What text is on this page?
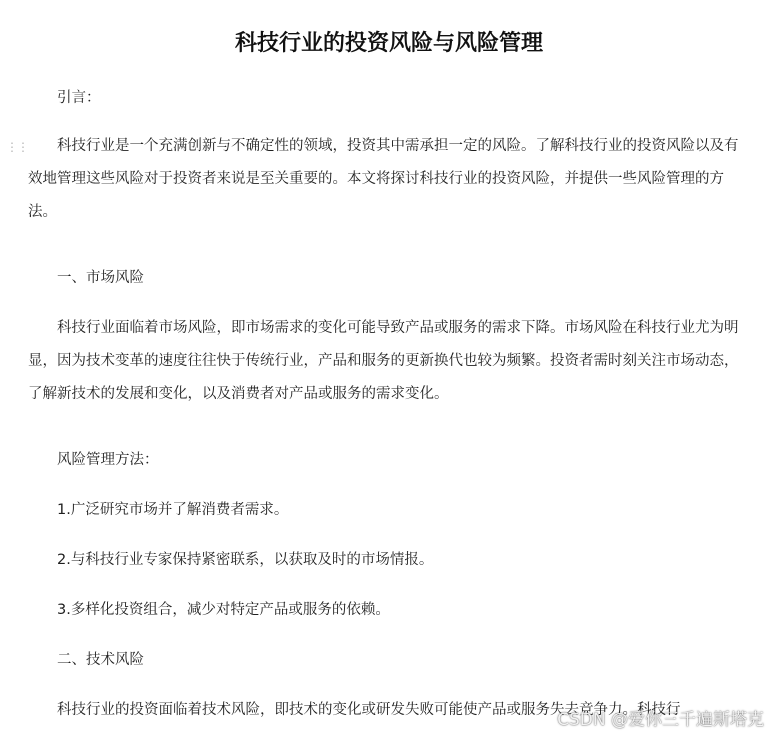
科技行业的投资风险与风险管理
⋮⋮

引言：

科技行业是一个充满创新与不确定性的领域，投资其中需承担一定的风险。了解科技行业的投资风险以及有效地管理这些风险对于投资者来说是至关重要的。本文将探讨科技行业的投资风险，并提供一些风险管理的方法。

一、市场风险

科技行业面临着市场风险，即市场需求的变化可能导致产品或服务的需求下降。市场风险在科技行业尤为明显，因为技术变革的速度往往快于传统行业，产品和服务的更新换代也较为频繁。投资者需时刻关注市场动态，了解新技术的发展和变化，以及消费者对产品或服务的需求变化。

风险管理方法：

1.广泛研究市场并了解消费者需求。

2.与科技行业专家保持紧密联系，以获取及时的市场情报。

3.多样化投资组合，减少对特定产品或服务的依赖。

二、技术风险

科技行业的投资面临着技术风险，即技术的变化或研发失败可能使产品或服务失去竞争力。科技行

CSDN @爱你三千遍斯塔克
